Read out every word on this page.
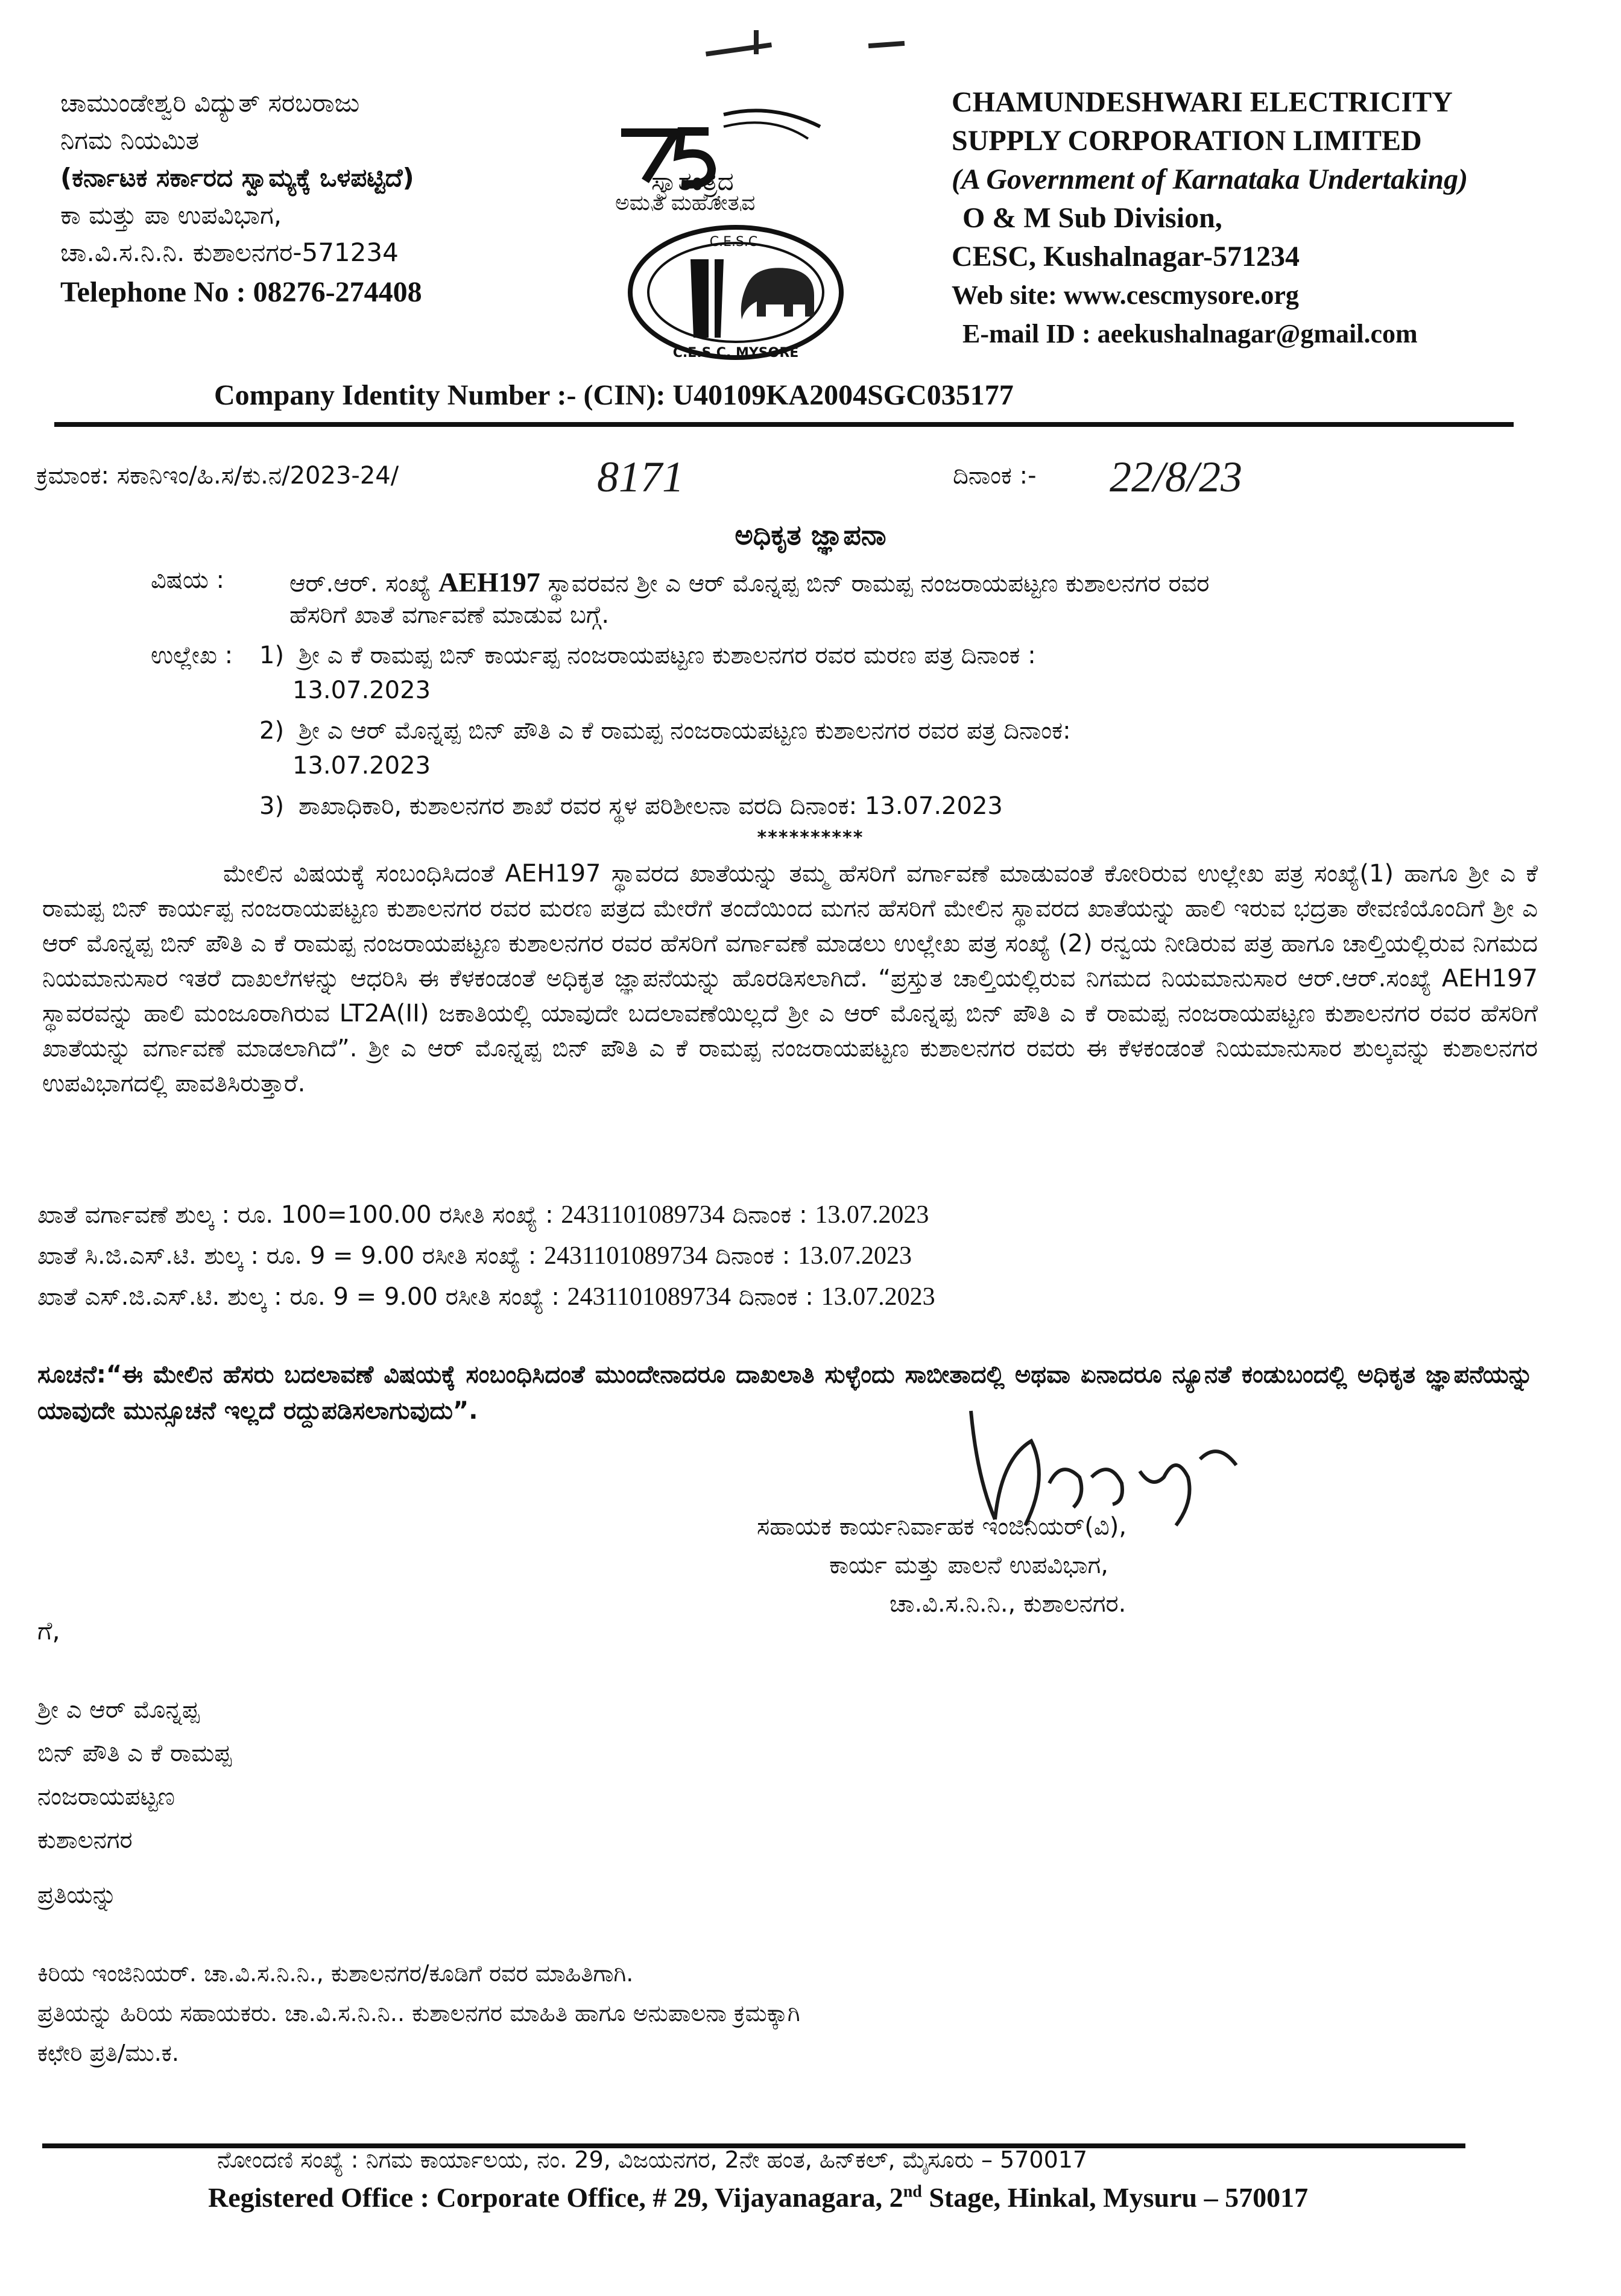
ಚಾಮುಂಡೇಶ್ವರಿ ವಿದ್ಯುತ್ ಸರಬರಾಜು
ನಿಗಮ ನಿಯಮಿತ
(ಕರ್ನಾಟಕ ಸರ್ಕಾರದ ಸ್ವಾಮ್ಯಕ್ಕೆ ಒಳಪಟ್ಟಿದೆ)
ಕಾ ಮತ್ತು ಪಾ ಉಪವಿಭಾಗ,
ಚಾ.ವಿ.ಸ.ನಿ.ನಿ. ಕುಶಾಲನಗರ-571234
Telephone No : 08276-274408
ಸ್ವಾತಂತ್ರ್ಯದ
ಅಮೃತ ಮಹೋತ್ಸವ
C.E.S.C.
C.E.S.C. MYSORE
CHAMUNDESHWARI ELECTRICITY
SUPPLY CORPORATION LIMITED
(A Government of Karnataka Undertaking)
O & M Sub Division,
CESC, Kushalnagar-571234
Web site: www.cescmysore.org
E-mail ID : aeekushalnagar@gmail.com
Company Identity Number :- (CIN): U40109KA2004SGC035177
ಕ್ರಮಾಂಕ: ಸಕಾನಿಇಂ/ಹಿ.ಸ/ಕು.ನ/2023-24/	8171	ದಿನಾಂಕ :- 22/8/23
ಅಧಿಕೃತ ಜ್ಞಾಪನಾ
ವಿಷಯ :	ಆರ್.ಆರ್. ಸಂಖ್ಯೆ AEH197 ಸ್ಥಾವರವನ ಶ್ರೀ ಎ ಆರ್ ಮೊನ್ನಪ್ಪ ಬಿನ್ ರಾಮಪ್ಪ ನಂಜರಾಯಪಟ್ಟಣ ಕುಶಾಲನಗರ ರವರ
ಹೆಸರಿಗೆ ಖಾತೆ ವರ್ಗಾವಣೆ ಮಾಡುವ ಬಗ್ಗೆ.
ಉಲ್ಲೇಖ : 1) ಶ್ರೀ ಎ ಕೆ ರಾಮಪ್ಪ ಬಿನ್ ಕಾರ್ಯಪ್ಪ ನಂಜರಾಯಪಟ್ಟಣ ಕುಶಾಲನಗರ ರವರ ಮರಣ ಪತ್ರ ದಿನಾಂಕ :
13.07.2023
2) ಶ್ರೀ ಎ ಆರ್ ಮೊನ್ನಪ್ಪ ಬಿನ್ ಪೌತಿ ಎ ಕೆ ರಾಮಪ್ಪ ನಂಜರಾಯಪಟ್ಟಣ ಕುಶಾಲನಗರ ರವರ ಪತ್ರ ದಿನಾಂಕ:
13.07.2023
3) ಶಾಖಾಧಿಕಾರಿ, ಕುಶಾಲನಗರ ಶಾಖೆ ರವರ ಸ್ಥಳ ಪರಿಶೀಲನಾ ವರದಿ ದಿನಾಂಕ: 13.07.2023
**********

ಮೇಲಿನ ವಿಷಯಕ್ಕೆ ಸಂಬಂಧಿಸಿದಂತೆ AEH197 ಸ್ಥಾವರದ ಖಾತೆಯನ್ನು ತಮ್ಮ ಹೆಸರಿಗೆ ವರ್ಗಾವಣೆ ಮಾಡುವಂತೆ ಕೋರಿರುವ ಉಲ್ಲೇಖ ಪತ್ರ ಸಂಖ್ಯೆ(1) ಹಾಗೂ ಶ್ರೀ ಎ ಕೆ ರಾಮಪ್ಪ ಬಿನ್ ಕಾರ್ಯಪ್ಪ ನಂಜರಾಯಪಟ್ಟಣ ಕುಶಾಲನಗರ ರವರ ಮರಣ ಪತ್ರದ ಮೇರೆಗೆ ತಂದೆಯಿಂದ ಮಗನ ಹೆಸರಿಗೆ ಮೇಲಿನ ಸ್ಥಾವರದ ಖಾತೆಯನ್ನು ಹಾಲಿ ಇರುವ ಭದ್ರತಾ ಠೇವಣಿಯೊಂದಿಗೆ ಶ್ರೀ ಎ ಆರ್ ಮೊನ್ನಪ್ಪ ಬಿನ್ ಪೌತಿ ಎ ಕೆ ರಾಮಪ್ಪ ನಂಜರಾಯಪಟ್ಟಣ ಕುಶಾಲನಗರ ರವರ ಹೆಸರಿಗೆ ವರ್ಗಾವಣೆ ಮಾಡಲು ಉಲ್ಲೇಖ ಪತ್ರ ಸಂಖ್ಯೆ (2) ರನ್ವಯ ನೀಡಿರುವ ಪತ್ರ ಹಾಗೂ ಚಾಲ್ತಿಯಲ್ಲಿರುವ ನಿಗಮದ ನಿಯಮಾನುಸಾರ ಇತರೆ ದಾಖಲೆಗಳನ್ನು ಆಧರಿಸಿ ಈ ಕೆಳಕಂಡಂತೆ ಅಧಿಕೃತ ಜ್ಞಾಪನೆಯನ್ನು ಹೊರಡಿಸಲಾಗಿದೆ. “ಪ್ರಸ್ತುತ ಚಾಲ್ತಿಯಲ್ಲಿರುವ ನಿಗಮದ ನಿಯಮಾನುಸಾರ ಆರ್.ಆರ್.ಸಂಖ್ಯೆ AEH197 ಸ್ಥಾವರವನ್ನು ಹಾಲಿ ಮಂಜೂರಾಗಿರುವ LT2A(II) ಜಕಾತಿಯಲ್ಲಿ ಯಾವುದೇ ಬದಲಾವಣೆಯಿಲ್ಲದೆ ಶ್ರೀ ಎ ಆರ್ ಮೊನ್ನಪ್ಪ ಬಿನ್ ಪೌತಿ ಎ ಕೆ ರಾಮಪ್ಪ ನಂಜರಾಯಪಟ್ಟಣ ಕುಶಾಲನಗರ ರವರ ಹೆಸರಿಗೆ ಖಾತೆಯನ್ನು ವರ್ಗಾವಣೆ ಮಾಡಲಾಗಿದೆ”. ಶ್ರೀ ಎ ಆರ್ ಮೊನ್ನಪ್ಪ ಬಿನ್ ಪೌತಿ ಎ ಕೆ ರಾಮಪ್ಪ ನಂಜರಾಯಪಟ್ಟಣ ಕುಶಾಲನಗರ ರವರು ಈ ಕೆಳಕಂಡಂತೆ ನಿಯಮಾನುಸಾರ ಶುಲ್ಕವನ್ನು ಕುಶಾಲನಗರ ಉಪವಿಭಾಗದಲ್ಲಿ ಪಾವತಿಸಿರುತ್ತಾರೆ.

ಖಾತೆ ವರ್ಗಾವಣೆ ಶುಲ್ಕ : ರೂ. 100=100.00 ರಸೀತಿ ಸಂಖ್ಯೆ : 2431101089734 ದಿನಾಂಕ : 13.07.2023
ಖಾತೆ ಸಿ.ಜಿ.ಎಸ್.ಟಿ. ಶುಲ್ಕ : ರೂ. 9 = 9.00 ರಸೀತಿ ಸಂಖ್ಯೆ : 2431101089734 ದಿನಾಂಕ : 13.07.2023
ಖಾತೆ ಎಸ್.ಜಿ.ಎಸ್.ಟಿ. ಶುಲ್ಕ : ರೂ. 9 = 9.00 ರಸೀತಿ ಸಂಖ್ಯೆ : 2431101089734 ದಿನಾಂಕ : 13.07.2023

ಸೂಚನೆ:“ಈ ಮೇಲಿನ ಹೆಸರು ಬದಲಾವಣೆ ವಿಷಯಕ್ಕೆ ಸಂಬಂಧಿಸಿದಂತೆ ಮುಂದೇನಾದರೂ ದಾಖಲಾತಿ ಸುಳ್ಳೆಂದು ಸಾಬೀತಾದಲ್ಲಿ ಅಥವಾ ಏನಾದರೂ ನ್ಯೂನತೆ ಕಂಡುಬಂದಲ್ಲಿ ಅಧಿಕೃತ ಜ್ಞಾಪನೆಯನ್ನು ಯಾವುದೇ ಮುನ್ಸೂಚನೆ ಇಲ್ಲದೆ ರದ್ದುಪಡಿಸಲಾಗುವುದು”.

ಸಹಾಯಕ ಕಾರ್ಯನಿರ್ವಾಹಕ ಇಂಜಿನಿಯರ್(ವಿ),
ಕಾರ್ಯ ಮತ್ತು ಪಾಲನೆ ಉಪವಿಭಾಗ,
ಚಾ.ವಿ.ಸ.ನಿ.ನಿ., ಕುಶಾಲನಗರ.
ಗೆ,
ಶ್ರೀ ಎ ಆರ್ ಮೊನ್ನಪ್ಪ
ಬಿನ್ ಪೌತಿ ಎ ಕೆ ರಾಮಪ್ಪ
ನಂಜರಾಯಪಟ್ಟಣ
ಕುಶಾಲನಗರ
ಪ್ರತಿಯನ್ನು
ಕಿರಿಯ ಇಂಜಿನಿಯರ್. ಚಾ.ವಿ.ಸ.ನಿ.ನಿ., ಕುಶಾಲನಗರ/ಕೂಡಿಗೆ ರವರ ಮಾಹಿತಿಗಾಗಿ.
ಪ್ರತಿಯನ್ನು ಹಿರಿಯ ಸಹಾಯಕರು. ಚಾ.ವಿ.ಸ.ನಿ.ನಿ.. ಕುಶಾಲನಗರ ಮಾಹಿತಿ ಹಾಗೂ ಅನುಪಾಲನಾ ಕ್ರಮಕ್ಕಾಗಿ
ಕಛೇರಿ ಪ್ರತಿ/ಮು.ಕ.
ನೋಂದಣಿ ಸಂಖ್ಯೆ : ನಿಗಮ ಕಾರ್ಯಾಲಯ, ನಂ. 29, ವಿಜಯನಗರ, 2ನೇ ಹಂತ, ಹಿನ್‌ಕಲ್, ಮೈಸೂರು – 570017
Registered Office : Corporate Office, # 29, Vijayanagara, 2nd Stage, Hinkal, Mysuru – 570017
